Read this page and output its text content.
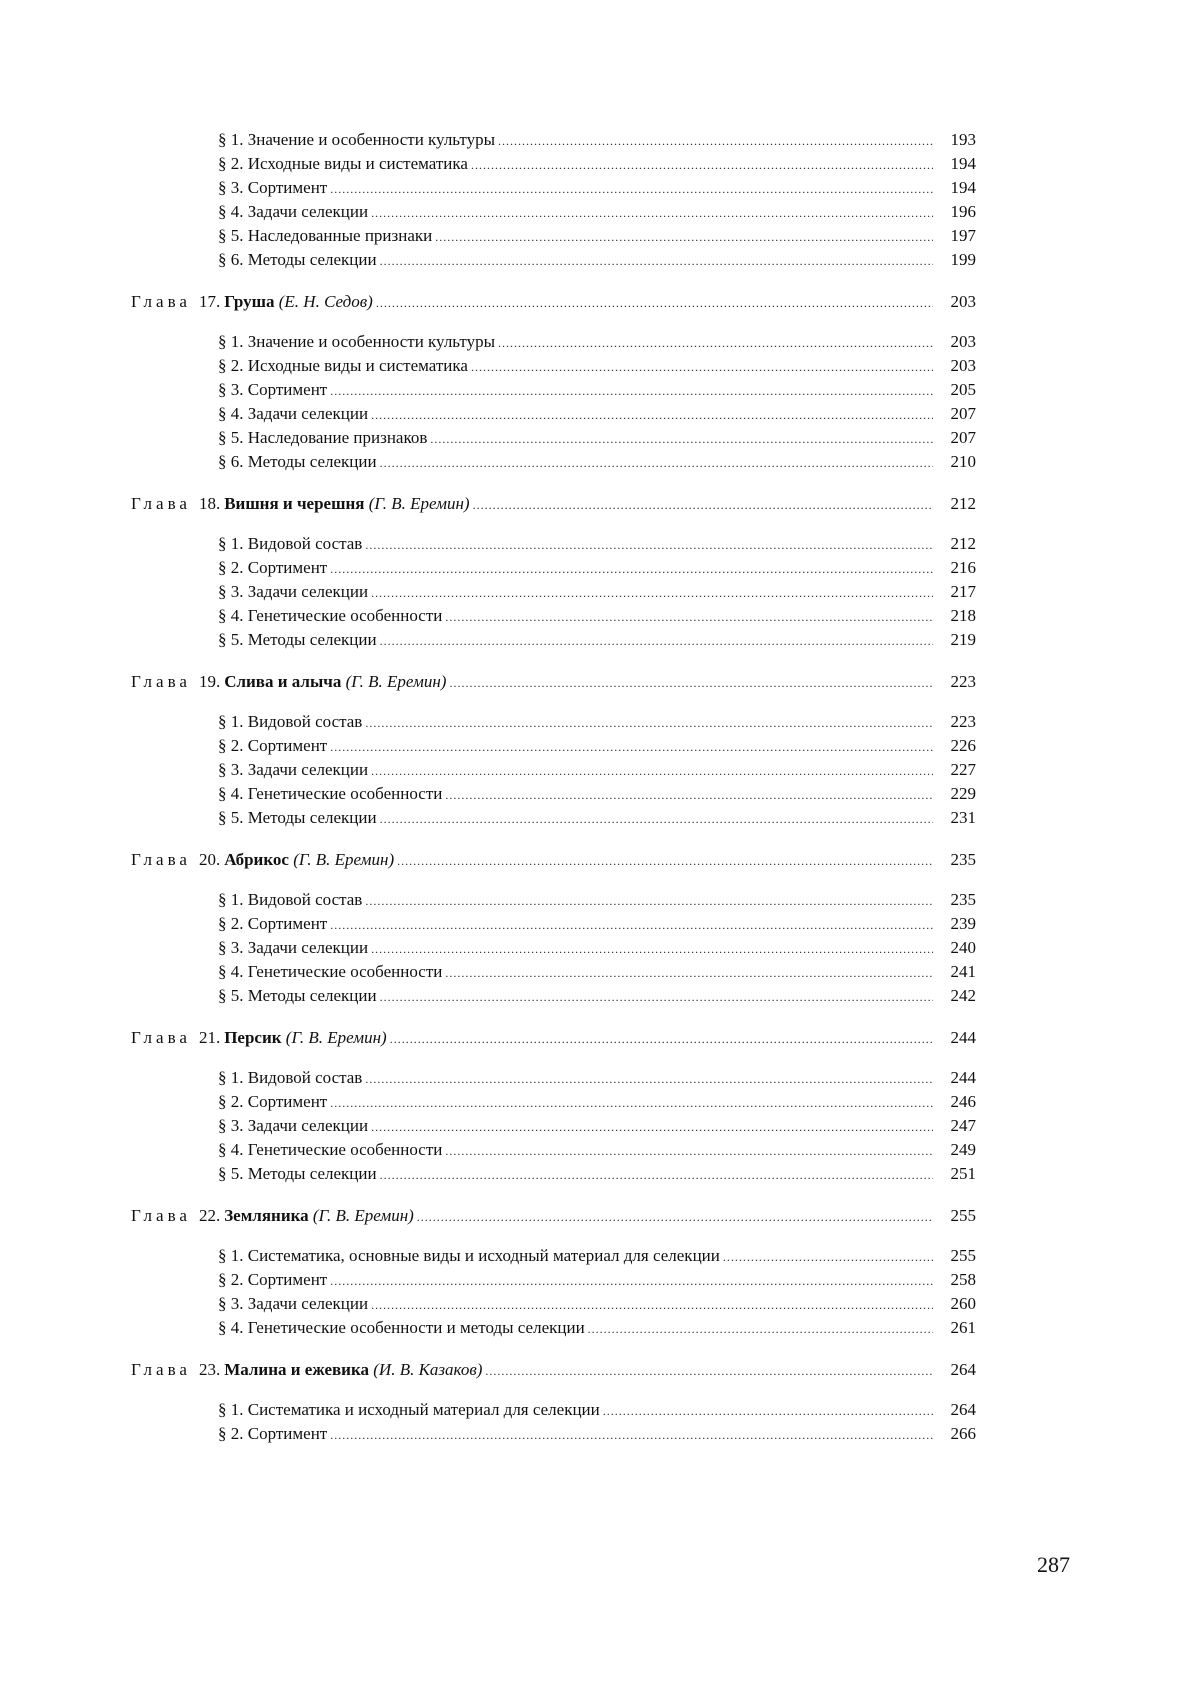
§ 1. Значение и особенности культуры
.....	193
§ 2. Исходные виды и систематика
.....	194
§ 3. Сортимент
.....	194
§ 4. Задачи селекции
.....	196
§ 5. Наследованные признаки
.....	197
§ 6. Методы селекции
.....	199
Глава 17. Груша (Е. Н. Седов)
.....	203
§ 1. Значение и особенности культуры
.....	203
§ 2. Исходные виды и систематика
.....	203
§ 3. Сортимент
.....	205
§ 4. Задачи селекции
.....	207
§ 5. Наследование признаков
.....	207
§ 6. Методы селекции
.....	210
Глава 18. Вишня и черешня (Г. В. Еремин)
.....	212
§ 1. Видовой состав
.....	212
§ 2. Сортимент
.....	216
§ 3. Задачи селекции
.....	217
§ 4. Генетические особенности
.....	218
§ 5. Методы селекции
.....	219
Глава 19. Слива и алыча (Г. В. Еремин)
.....	223
§ 1. Видовой состав
.....	223
§ 2. Сортимент
.....	226
§ 3. Задачи селекции
.....	227
§ 4. Генетические особенности
.....	229
§ 5. Методы селекции
.....	231
Глава 20. Абрикос (Г. В. Еремин)
.....	235
§ 1. Видовой состав
.....	235
§ 2. Сортимент
.....	239
§ 3. Задачи селекции
.....	240
§ 4. Генетические особенности
.....	241
§ 5. Методы селекции
.....	242
Глава 21. Персик (Г. В. Еремин)
.....	244
§ 1. Видовой состав
.....	244
§ 2. Сортимент
.....	246
§ 3. Задачи селекции
.....	247
§ 4. Генетические особенности
.....	249
§ 5. Методы селекции
.....	251
Глава 22. Земляника (Г. В. Еремин)
.....	255
§ 1. Систематика, основные виды и исходный материал для селекции
.....	255
§ 2. Сортимент
.....	258
§ 3. Задачи селекции
.....	260
§ 4. Генетические особенности и методы селекции
.....	261
Глава 23. Малина и ежевика (И. В. Казаков)
.....	264
§ 1. Систематика и исходный материал для селекции
.....	264
§ 2. Сортимент
.....	266
287
